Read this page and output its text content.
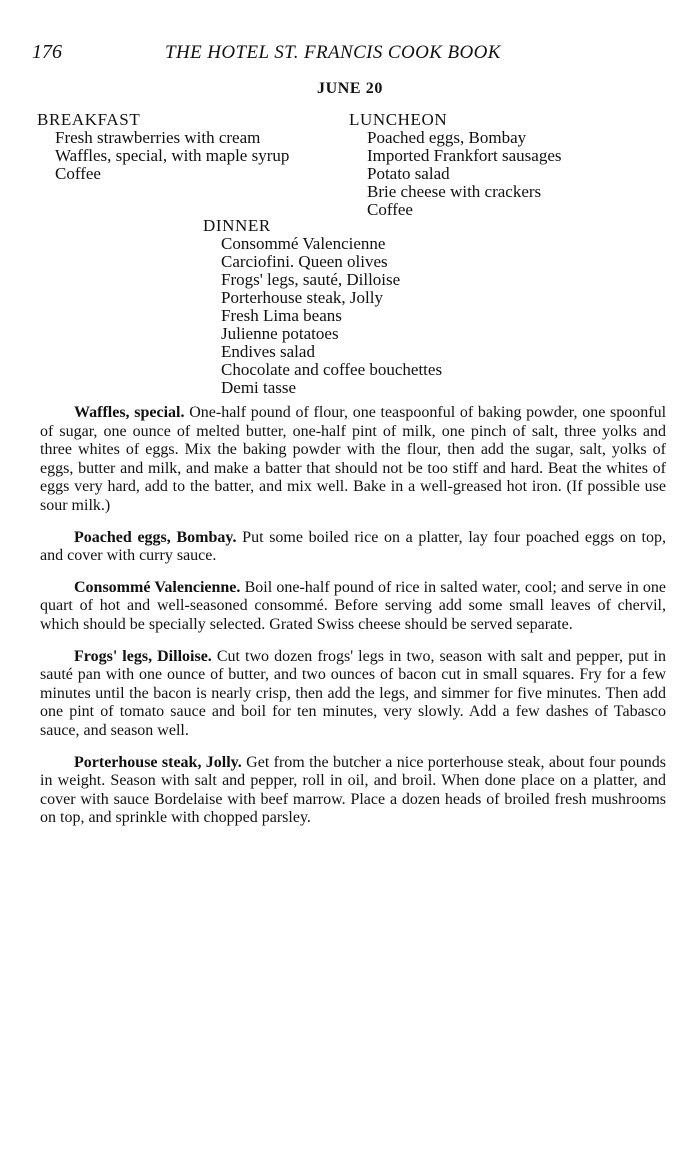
176	THE HOTEL ST. FRANCIS COOK BOOK
JUNE 20
BREAKFAST
Fresh strawberries with cream
Waffles, special, with maple syrup
Coffee
LUNCHEON
Poached eggs, Bombay
Imported Frankfort sausages
Potato salad
Brie cheese with crackers
Coffee
DINNER
Consommé Valencienne
Carciofini. Queen olives
Frogs' legs, sauté, Dilloise
Porterhouse steak, Jolly
Fresh Lima beans
Julienne potatoes
Endives salad
Chocolate and coffee bouchettes
Demi tasse

Waffles, special. One-half pound of flour, one teaspoonful of baking powder, one spoonful of sugar, one ounce of melted butter, one-half pint of milk, one pinch of salt, three yolks and three whites of eggs. Mix the baking powder with the flour, then add the sugar, salt, yolks of eggs, butter and milk, and make a batter that should not be too stiff and hard. Beat the whites of eggs very hard, add to the batter, and mix well. Bake in a well-greased hot iron. (If possible use sour milk.)

Poached eggs, Bombay. Put some boiled rice on a platter, lay four poached eggs on top, and cover with curry sauce.

Consommé Valencienne. Boil one-half pound of rice in salted water, cool; and serve in one quart of hot and well-seasoned consommé. Before serving add some small leaves of chervil, which should be specially selected. Grated Swiss cheese should be served separate.

Frogs' legs, Dilloise. Cut two dozen frogs' legs in two, season with salt and pepper, put in sauté pan with one ounce of butter, and two ounces of bacon cut in small squares. Fry for a few minutes until the bacon is nearly crisp, then add the legs, and simmer for five minutes. Then add one pint of tomato sauce and boil for ten minutes, very slowly. Add a few dashes of Tabasco sauce, and season well.

Porterhouse steak, Jolly. Get from the butcher a nice porterhouse steak, about four pounds in weight. Season with salt and pepper, roll in oil, and broil. When done place on a platter, and cover with sauce Bordelaise with beef marrow. Place a dozen heads of broiled fresh mushrooms on top, and sprinkle with chopped parsley.
